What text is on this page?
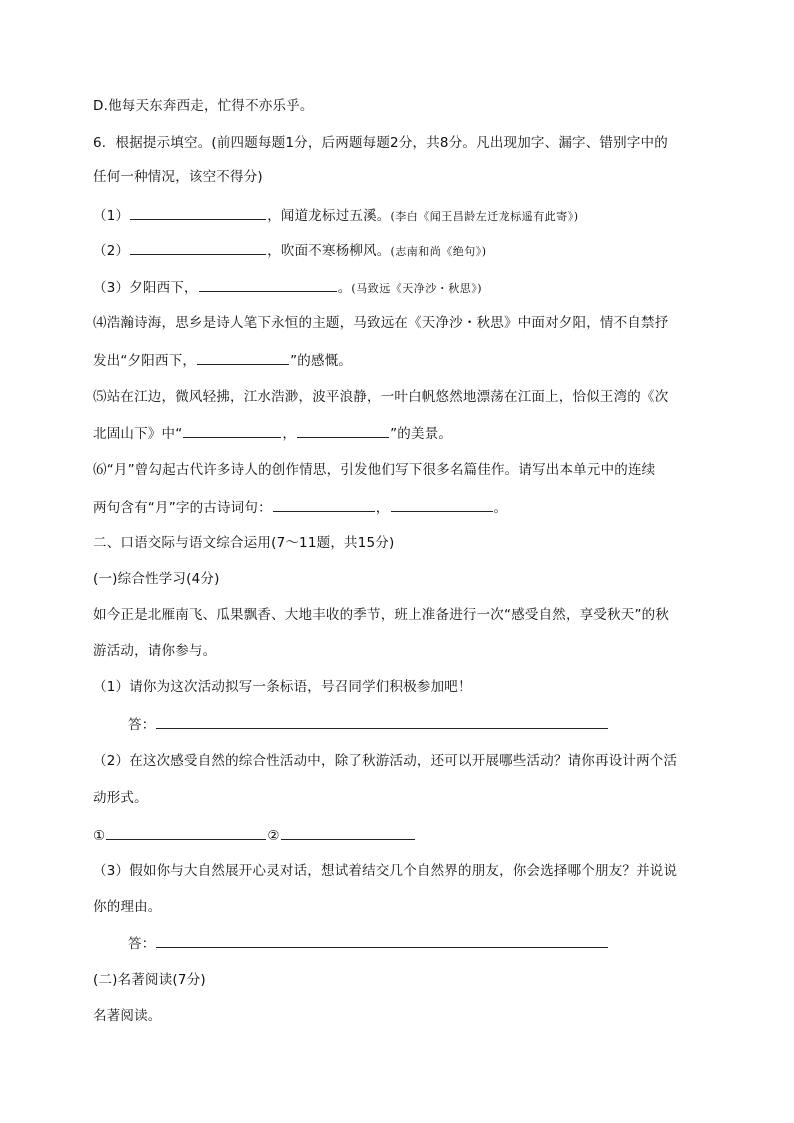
D.他每天东奔西走，忙得不亦乐乎。
6．根据提示填空。(前四题每题1分，后两题每题2分，共8分。凡出现加字、漏字、错别字中的
任何一种情况，该空不得分)
（1）	，闻道龙标过五溪。(李白《闻王昌龄左迁龙标遥有此寄》)
（2）	，吹面不寒杨柳风。(志南和尚《绝句》)
（3）夕阳西下，	。(马致远《天净沙・秋思》)
⑷浩瀚诗海，思乡是诗人笔下永恒的主题，马致远在《天净沙・秋思》中面对夕阳，情不自禁抒
发出“夕阳西下，	”的感慨。
⑸站在江边，微风轻拂，江水浩渺，波平浪静，一叶白帆悠然地漂荡在江面上，恰似王湾的《次
北固山下》中“	，	”的美景。
⑹“月”曾勾起古代许多诗人的创作情思，引发他们写下很多名篇佳作。请写出本单元中的连续
两句含有“月”字的古诗词句：	，	。
二、口语交际与语文综合运用(7～11题，共15分)
(一)综合性学习(4分)
如今正是北雁南飞、瓜果飘香、大地丰收的季节，班上准备进行一次“感受自然，享受秋天”的秋
游活动，请你参与。
（1）请你为这次活动拟写一条标语，号召同学们积极参加吧！
答：
（2）在这次感受自然的综合性活动中，除了秋游活动，还可以开展哪些活动？请你再设计两个活
动形式。
①	②
（3）假如你与大自然展开心灵对话，想试着结交几个自然界的朋友，你会选择哪个朋友？并说说
你的理由。
答：
(二)名著阅读(7分)
名著阅读。
